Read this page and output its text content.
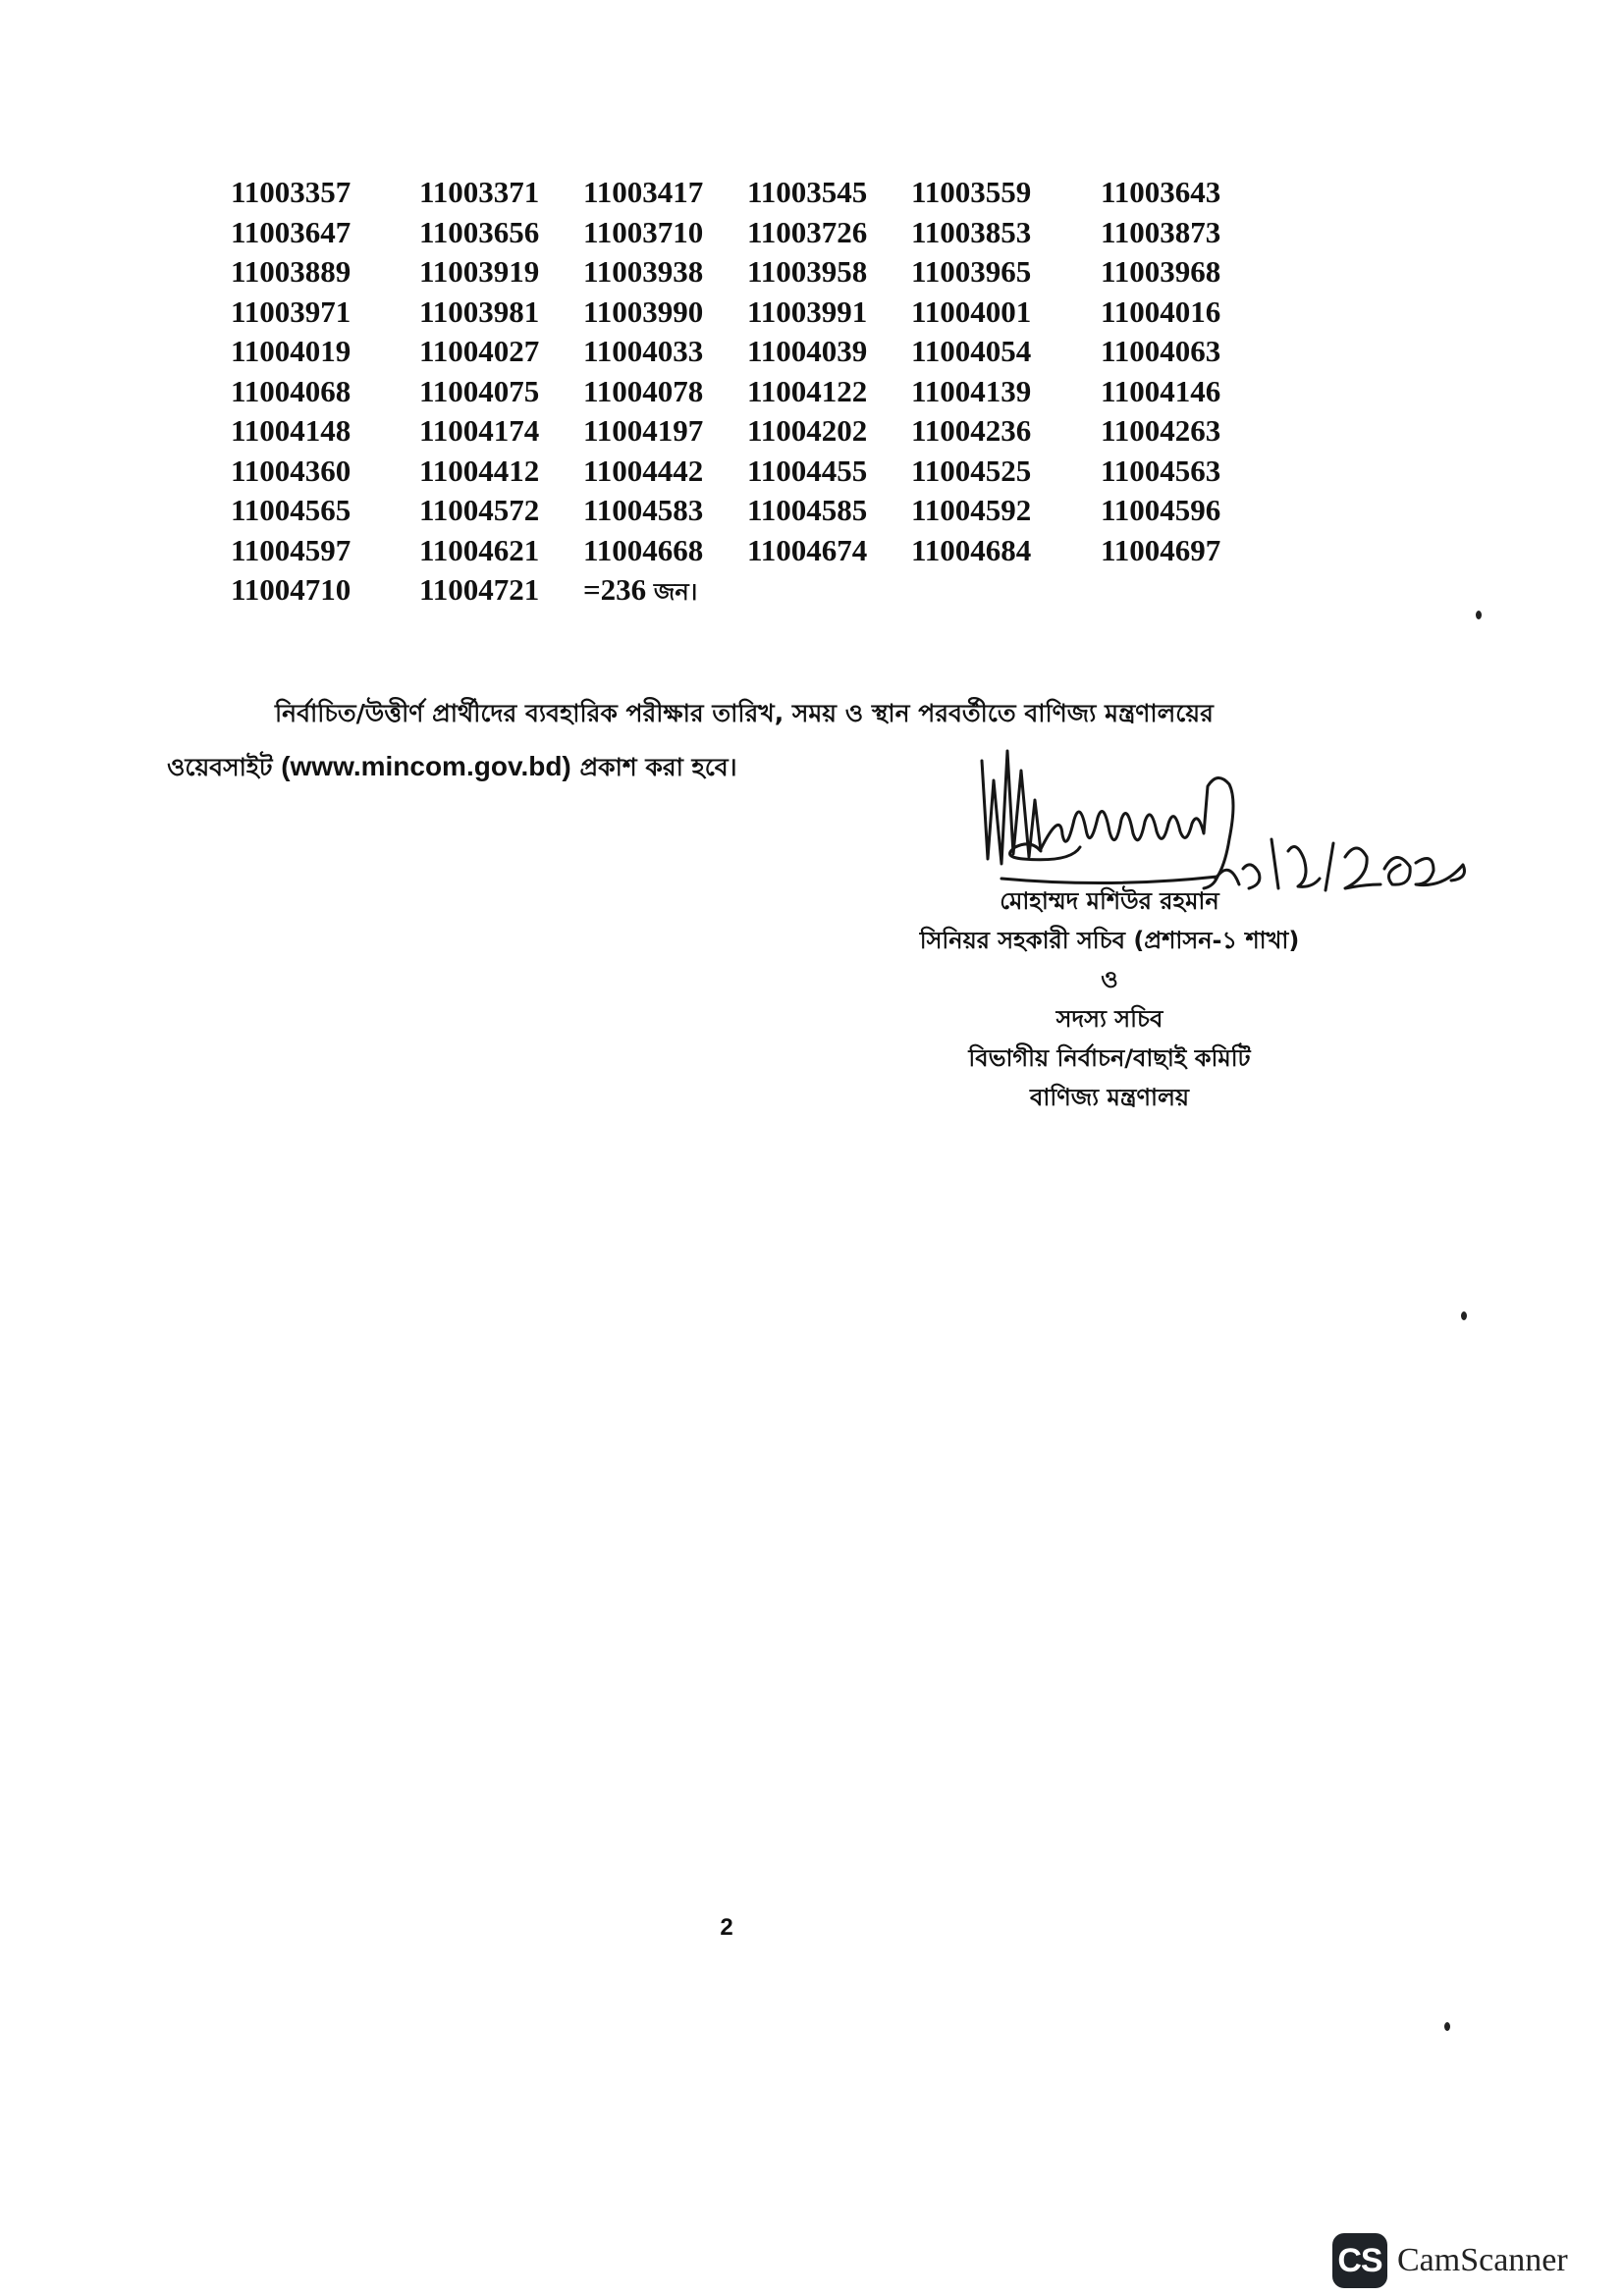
11003357	11003371	11003417	11003545	11003559	11003643
11003647	11003656	11003710	11003726	11003853	11003873
11003889	11003919	11003938	11003958	11003965	11003968
11003971	11003981	11003990	11003991	11004001	11004016
11004019	11004027	11004033	11004039	11004054	11004063
11004068	11004075	11004078	11004122	11004139	11004146
11004148	11004174	11004197	11004202	11004236	11004263
11004360	11004412	11004442	11004455	11004525	11004563
11004565	11004572	11004583	11004585	11004592	11004596
11004597	11004621	11004668	11004674	11004684	11004697
11004710	11004721	=236 জন।			
নির্বাচিত/উত্তীর্ণ প্রার্থীদের ব্যবহারিক পরীক্ষার তারিখ, সময় ও স্থান পরবর্তীতে বাণিজ্য মন্ত্রণালয়ের ওয়েবসাইট (www.mincom.gov.bd) প্রকাশ করা হবে।
মোহাম্মদ মশিউর রহমান
সিনিয়র সহকারী সচিব (প্রশাসন-১ শাখা)
ও
সদস্য সচিব
বিভাগীয় নির্বাচন/বাছাই কমিটি
বাণিজ্য মন্ত্রণালয়
2
CS CamScanner
